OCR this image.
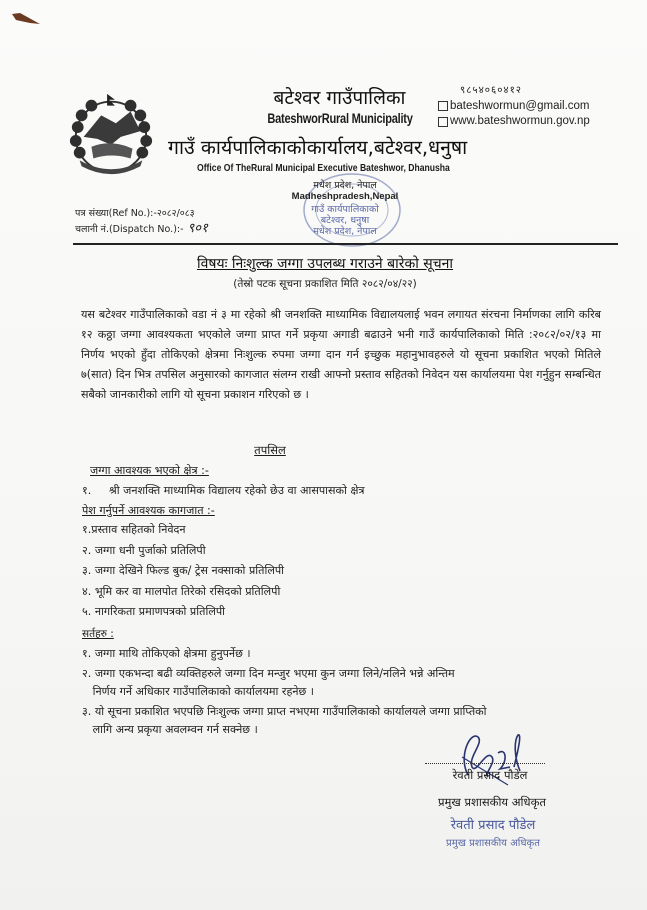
बटेश्वर गाउँपालिका
BateshworRural Municipality
गाउँ कार्यपालिकाकोकार्यालय,बटेश्वर,धनुषा
Office Of TheRural Municipal Executive Bateshwor, Dhanusha
९८५४०६०४१२
bateshwormun@gmail.com
www.bateshwormun.gov.np
मधेश प्रदेश, नेपाल
Madheshpradesh,Nepal
गाउँ कार्यपालिकाको
बटेश्वर, धनुषा
मधेश प्रदेश, नेपाल
पत्र संख्या(Ref No.):-२०८२/०८३
चलानी नं.(Dispatch No.):- ९०१
विषयः निःशुल्क जग्गा उपलब्ध गराउने बारेको सूचना
(तेस्रो पटक सूचना प्रकाशित मिति २०८२/०४/२२)
यस बटेश्वर गाउँपालिकाको वडा नं ३ मा रहेको श्री जनशक्ति माध्यामिक विद्यालयलाई भवन लगायत संरचना निर्माणका लागि करिब १२ कठ्ठा जग्गा आवश्यकता भएकोले जग्गा प्राप्त गर्ने प्रकृया अगाडी बढाउने भनी गाउँ कार्यपालिकाको मिति :२०८२/०२/१३ मा निर्णय भएको हुँदा तोकिएको क्षेत्रमा निःशुल्क रुपमा जग्गा दान गर्न इच्छुक महानुभावहरुले यो सूचना प्रकाशित भएको मितिले ७(सात) दिन भित्र तपसिल अनुसारको कागजात संलग्न राखी आफ्नो प्रस्ताव सहितको निवेदन यस कार्यालयमा पेश गर्नुहुन सम्बन्धित सबैको जानकारीको लागि यो सूचना प्रकाशन गरिएको छ ।
तपसिल
जग्गा आवश्यक भएको क्षेत्र :-
१.     श्री जनशक्ति माध्यामिक विद्यालय रहेको छेउ वा आसपासको क्षेत्र
पेश गर्नुपर्ने आवश्यक कागजात :-
१.प्रस्ताव सहितको निवेदन
२. जग्गा धनी पुर्जाको प्रतिलिपी
३. जग्गा देखिने फिल्ड बुक/ ट्रेस नक्साको प्रतिलिपी
४. भूमि कर वा मालपोत तिरेको रसिदको प्रतिलिपी
५. नागरिकता प्रमाणपत्रको प्रतिलिपी
सर्तहरु :
१. जग्गा माथि तोकिएको क्षेत्रमा हुनुपर्नेछ ।
२. जग्गा एकभन्दा बढी व्यक्तिहरुले जग्गा दिन मन्जुर भएमा कुन जग्गा लिने/नलिने भन्ने अन्तिम
निर्णय गर्ने अधिकार गाउँपालिकाको कार्यालयमा रहनेछ ।
३. यो सूचना प्रकाशित भएपछि निःशुल्क जग्गा प्राप्त नभएमा गाउँपालिकाको कार्यालयले जग्गा प्राप्तिको
लागि अन्य प्रकृया अवलम्वन गर्न सक्नेछ ।
रेवती प्रसाद पौडेल
प्रमुख प्रशासकीय अधिकृत
रेवती प्रसाद पौडेल
प्रमुख प्रशासकीय अधिकृत
